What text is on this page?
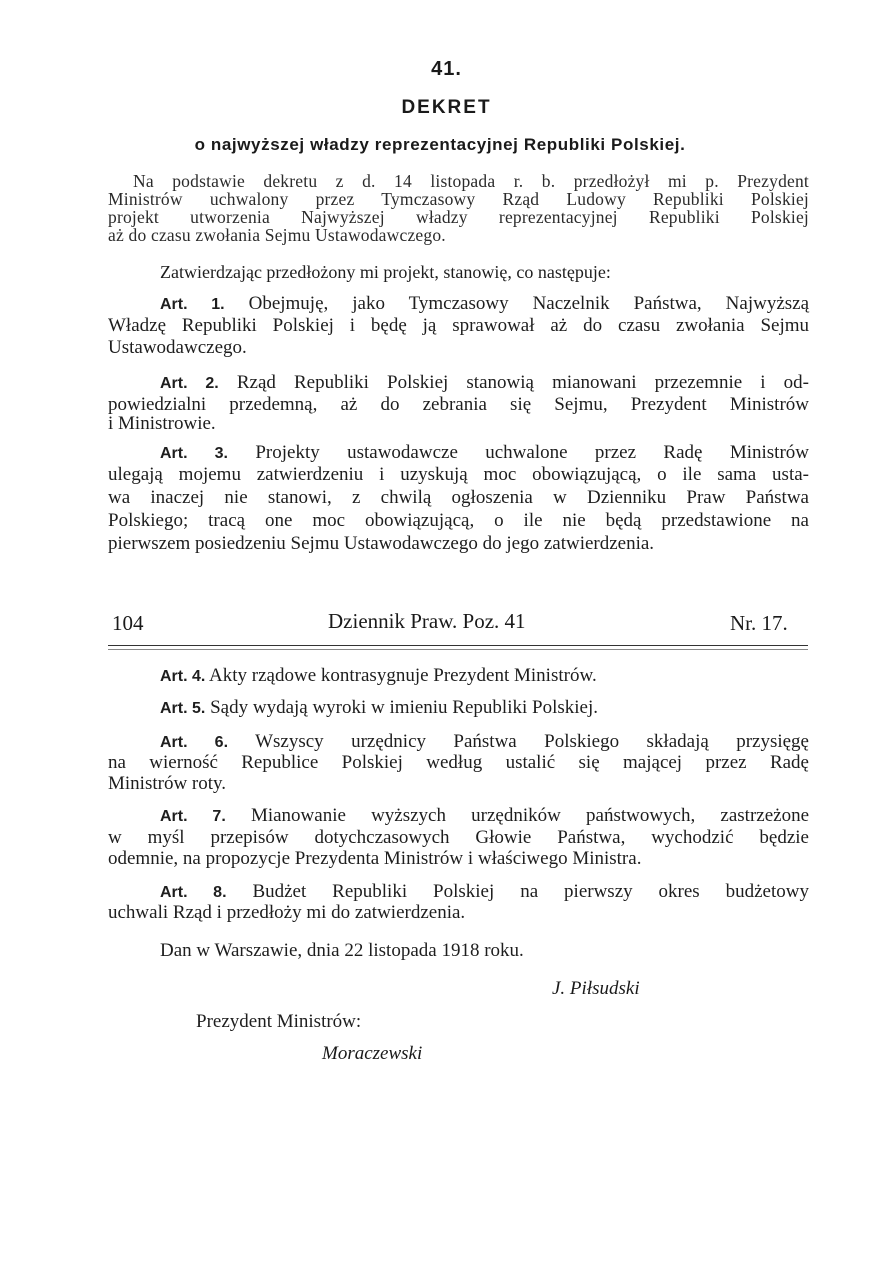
41.
DEKRET
o najwyższej władzy reprezentacyjnej Republiki Polskiej.
Na podstawie dekretu z d. 14 listopada r. b. przedłożył mi p. Prezydent
Ministrów uchwalony przez Tymczasowy Rząd Ludowy Republiki Polskiej
projekt utworzenia Najwyższej władzy reprezentacyjnej Republiki Polskiej
aż do czasu zwołania Sejmu Ustawodawczego.
Zatwierdzając przedłożony mi projekt, stanowię, co następuje:
Art. 1. Obejmuję, jako Tymczasowy Naczelnik Państwa, Najwyższą
Władzę Republiki Polskiej i będę ją sprawował aż do czasu zwołania Sejmu
Ustawodawczego.
Art. 2. Rząd Republiki Polskiej stanowią mianowani przezemnie i od-
powiedzialni przedemną, aż do zebrania się Sejmu, Prezydent Ministrów
i Ministrowie.
Art. 3. Projekty ustawodawcze uchwalone przez Radę Ministrów
ulegają mojemu zatwierdzeniu i uzyskują moc obowiązującą, o ile sama usta-
wa inaczej nie stanowi, z chwilą ogłoszenia w Dzienniku Praw Państwa
Polskiego; tracą one moc obowiązującą, o ile nie będą przedstawione na
pierwszem posiedzeniu Sejmu Ustawodawczego do jego zatwierdzenia.
104	Dziennik Praw. Poz. 41	Nr. 17.
Art. 4. Akty rządowe kontrasygnuje Prezydent Ministrów.
Art. 5. Sądy wydają wyroki w imieniu Republiki Polskiej.
Art. 6. Wszyscy urzędnicy Państwa Polskiego składają przysięgę
na wierność Republice Polskiej według ustalić się mającej przez Radę
Ministrów roty.
Art. 7. Mianowanie wyższych urzędników państwowych, zastrzeżone
w myśl przepisów dotychczasowych Głowie Państwa, wychodzić będzie
odemnie, na propozycje Prezydenta Ministrów i właściwego Ministra.
Art. 8. Budżet Republiki Polskiej na pierwszy okres budżetowy
uchwali Rząd i przedłoży mi do zatwierdzenia.
Dan w Warszawie, dnia 22 listopada 1918 roku.
J. Piłsudski
Prezydent Ministrów:
Moraczewski
